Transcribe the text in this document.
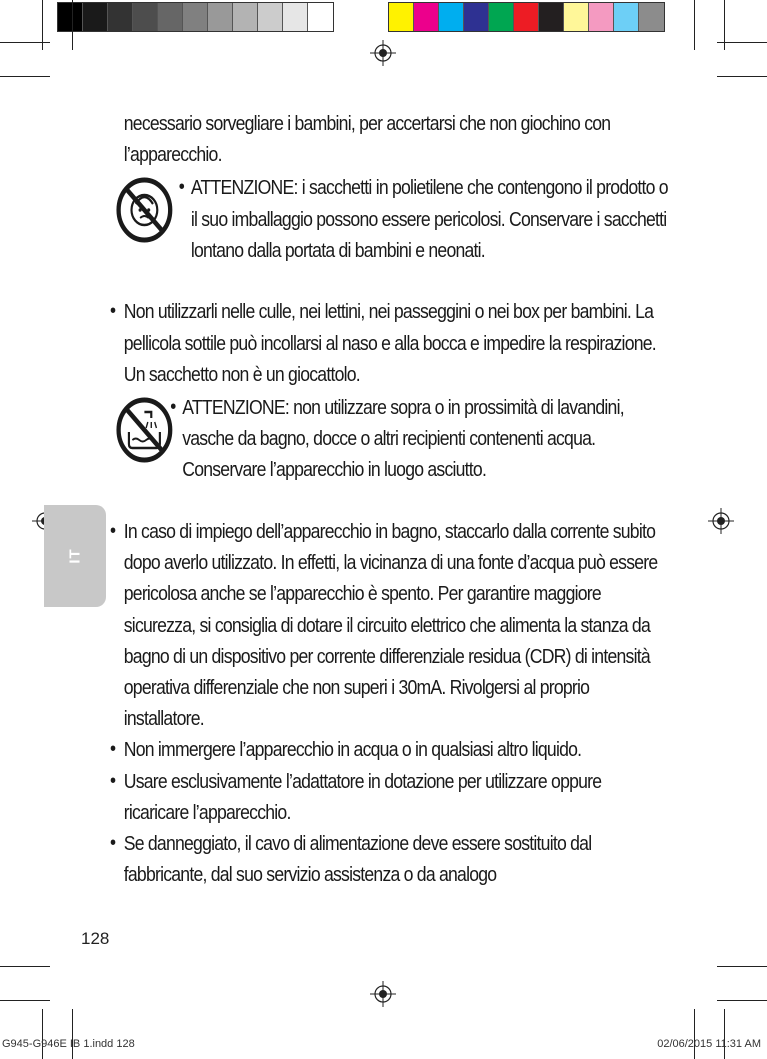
IT

necessario sorvegliare i bambini, per accertarsi che non giochino con l’apparecchio.

• ATTENZIONE: i sacchetti in polietilene che contengono il prodotto o il suo imballaggio possono essere pericolosi. Conservare i sacchetti lontano dalla portata di bambini e neonati.

• Non utilizzarli nelle culle, nei lettini, nei passeggini o nei box per bambini. La pellicola sottile può incollarsi al naso e alla bocca e impedire la respirazione. Un sacchetto non è un giocattolo.

• ATTENZIONE: non utilizzare sopra o in prossimità di lavandini, vasche da bagno, docce o altri recipienti contenenti acqua. Conservare l’apparecchio in luogo asciutto.

• In caso di impiego dell’apparecchio in bagno, staccarlo dalla corrente subito dopo averlo utilizzato. In effetti, la vicinanza di una fonte d’acqua può essere pericolosa anche se l’apparecchio è spento. Per garantire maggiore sicurezza, si consiglia di dotare il circuito elettrico che alimenta la stanza da bagno di un dispositivo per corrente differenziale residua (CDR) di intensità operativa differenziale che non superi i 30mA. Rivolgersi al proprio installatore.

• Non immergere l’apparecchio in acqua o in qualsiasi altro liquido.

• Usare esclusivamente l’adattatore in dotazione per utilizzare oppure ricaricare l’apparecchio.

• Se danneggiato, il cavo di alimentazione deve essere sostituito dal fabbricante, dal suo servizio assistenza o da analogo

128
G945-G946E IB 1.indd 128	02/06/2015 11:31 AM
